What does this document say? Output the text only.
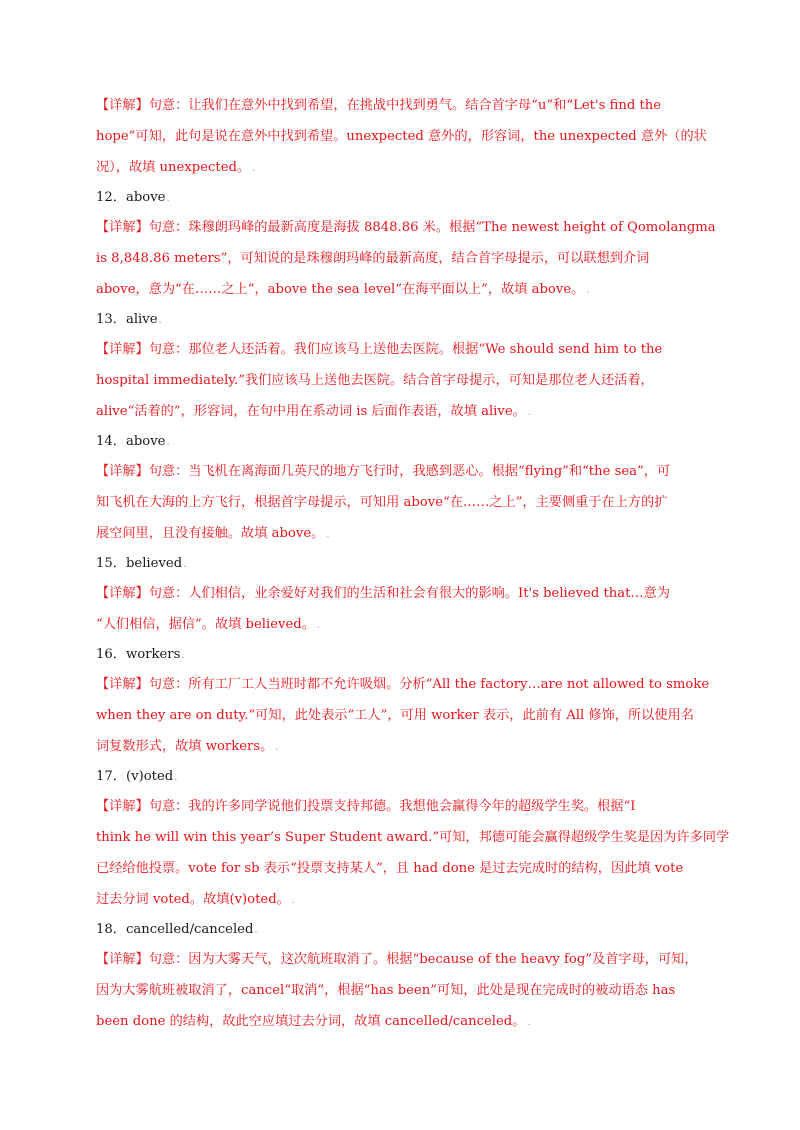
【详解】句意：让我们在意外中找到希望，在挑战中找到勇气。结合首字母“u”和“Let's find the
hope”可知，此句是说在意外中找到希望。unexpected 意外的，形容词，the unexpected 意外（的状
况），故填 unexpected。 .
12．above.
【详解】句意：珠穆朗玛峰的最新高度是海拔 8848.86 米。根据“The newest height of Qomolangma
is 8,848.86 meters”，可知说的是珠穆朗玛峰的最新高度，结合首字母提示，可以联想到介词
above，意为“在……之上”，above the sea level“在海平面以上”，故填 above。 .
13．alive.
【详解】句意：那位老人还活着。我们应该马上送他去医院。根据“We should send him to the
hospital immediately.”我们应该马上送他去医院。结合首字母提示，可知是那位老人还活着，
alive“活着的”，形容词，在句中用在系动词 is 后面作表语，故填 alive。 .
14．above.
【详解】句意：当飞机在离海面几英尺的地方飞行时，我感到恶心。根据“flying”和“the sea”，可
知飞机在大海的上方飞行，根据首字母提示，可知用 above“在……之上”，主要侧重于在上方的扩
展空间里，且没有接触。故填 above。 .
15．believed.
【详解】句意：人们相信，业余爱好对我们的生活和社会有很大的影响。It's believed that…意为
“人们相信，据信”。故填 believed。 .
16．workers.
【详解】句意：所有工厂工人当班时都不允许吸烟。分析“All the factory…are not allowed to smoke
when they are on duty.”可知，此处表示“工人”，可用 worker 表示，此前有 All 修饰，所以使用名
词复数形式，故填 workers。 .
17．(v)oted.
【详解】句意：我的许多同学说他们投票支持邦德。我想他会赢得今年的超级学生奖。根据“I
think he will win this year’s Super Student award.”可知，邦德可能会赢得超级学生奖是因为许多同学
已经给他投票。vote for sb 表示“投票支持某人”，且 had done 是过去完成时的结构，因此填 vote
过去分词 voted。故填(v)oted。 .
18．cancelled/canceled.
【详解】句意：因为大雾天气，这次航班取消了。根据“because of the heavy fog”及首字母，可知，
因为大雾航班被取消了，cancel“取消”，根据“has been”可知，此处是现在完成时的被动语态 has
been done 的结构，故此空应填过去分词，故填 cancelled/canceled。 .
